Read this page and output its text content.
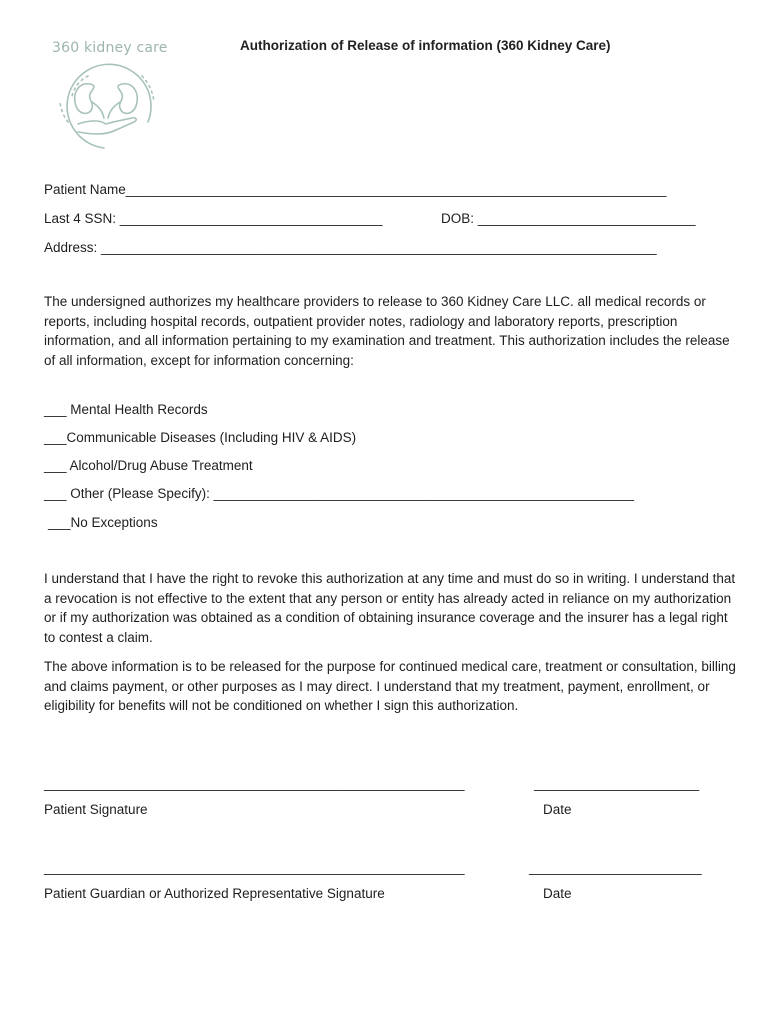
360 kidney care	Authorization of Release of information (360 Kidney Care)
Patient Name________________________________________________________________________
Last 4 SSN: ___________________________________	DOB: _____________________________
Address: __________________________________________________________________________
The undersigned authorizes my healthcare providers to release to 360 Kidney Care LLC. all medical records or reports, including hospital records, outpatient provider notes, radiology and laboratory reports, prescription information, and all information pertaining to my examination and treatment. This authorization includes the release of all information, except for information concerning:
___ Mental Health Records
___Communicable Diseases (Including HIV & AIDS)
___ Alcohol/Drug Abuse Treatment
___ Other (Please Specify): ________________________________________________________
___No Exceptions
I understand that I have the right to revoke this authorization at any time and must do so in writing. I understand that a revocation is not effective to the extent that any person or entity has already acted in reliance on my authorization or if my authorization was obtained as a condition of obtaining insurance coverage and the insurer has a legal right to contest a claim.
The above information is to be released for the purpose for continued medical care, treatment or consultation, billing and claims payment, or other purposes as I may direct. I understand that my treatment, payment, enrollment, or eligibility for benefits will not be conditioned on whether I sign this authorization.
________________________________________________________	______________________
Patient Signature	Date
________________________________________________________	_______________________
Patient Guardian or Authorized Representative Signature	Date
